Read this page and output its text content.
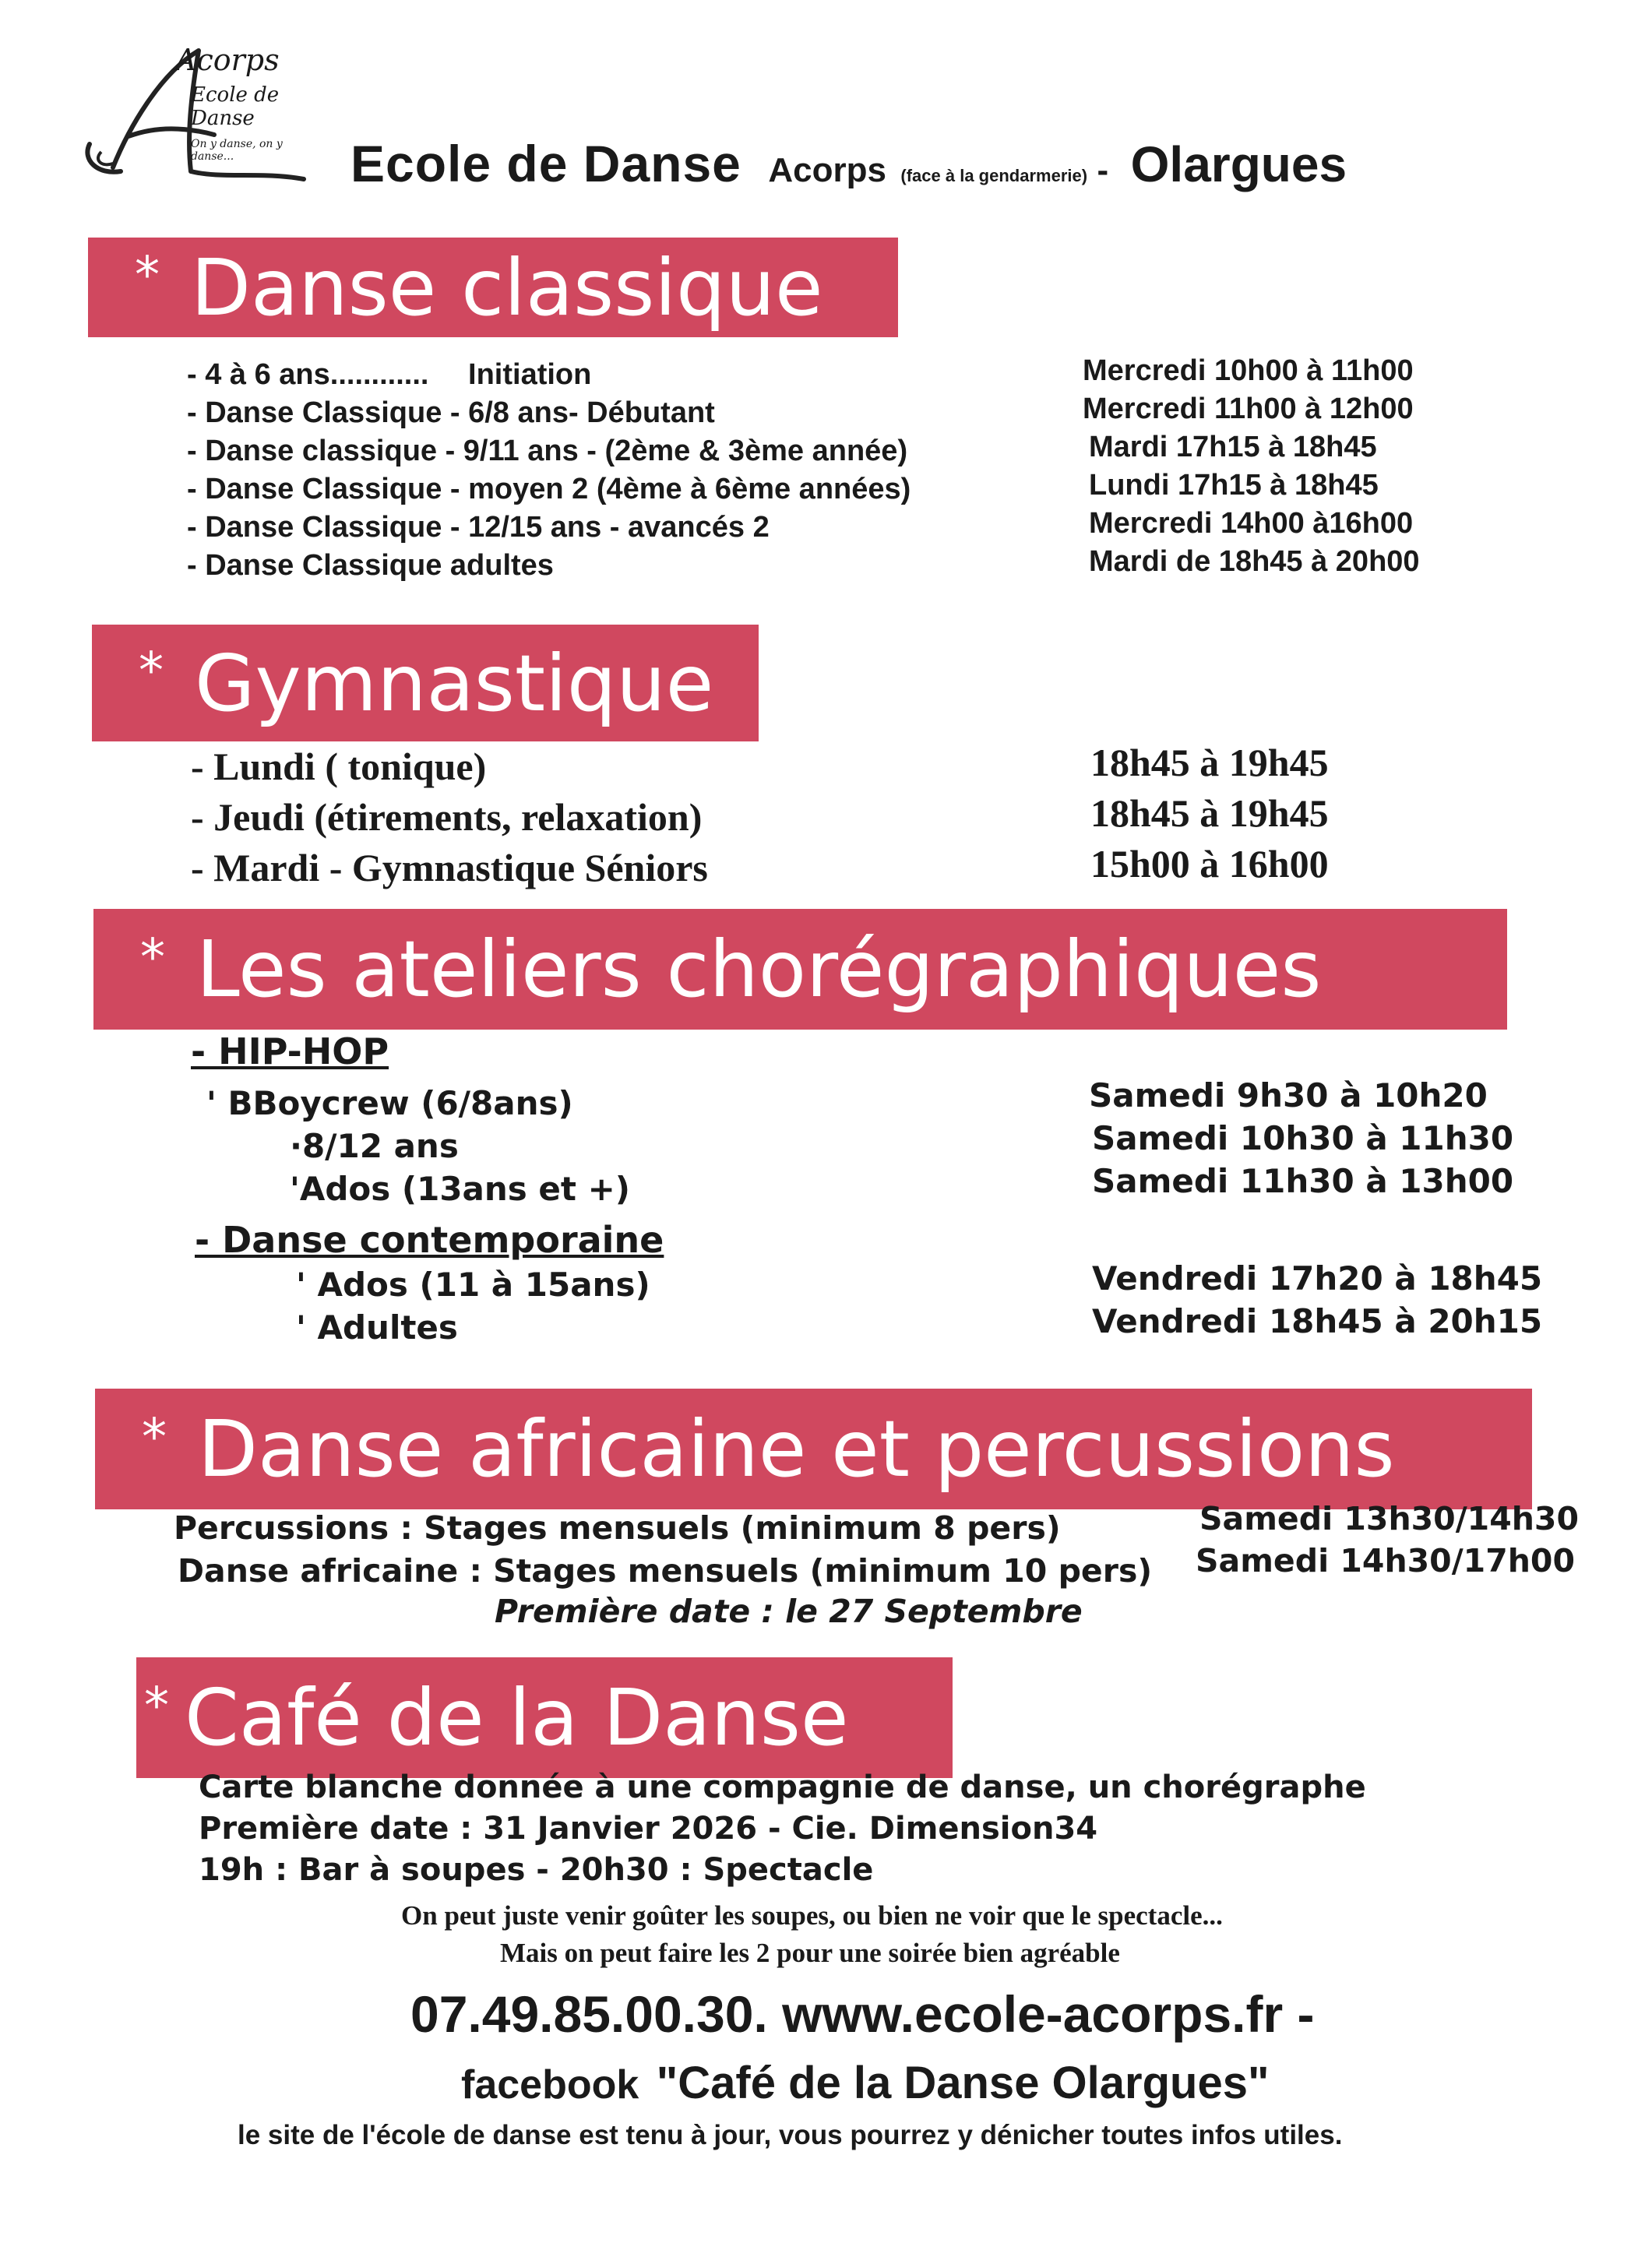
Acorps
Ecole de Danse
On y danse, on y danse...	Ecole de Danse Acorps (face à la gendarmerie) - Olargues
* Danse classique
- 4 à 6 ans............ Initiation
- Danse Classique - 6/8 ans- Débutant
- Danse classique - 9/11 ans - (2ème & 3ème année)
- Danse Classique - moyen 2 (4ème à 6ème années)
- Danse Classique - 12/15 ans - avancés 2
- Danse Classique adultes
Mercredi 10h00 à 11h00
Mercredi 11h00 à 12h00
Mardi 17h15 à 18h45
Lundi 17h15 à 18h45
Mercredi 14h00 à16h00
Mardi de 18h45 à 20h00
* Gymnastique
- Lundi ( tonique)
- Jeudi (étirements, relaxation)
- Mardi - Gymnastique Séniors
18h45 à 19h45
18h45 à 19h45
15h00 à 16h00
* Les ateliers chorégraphiques
- HIP-HOP
' BBoycrew (6/8ans)
·8/12 ans
'Ados (13ans et +)
Samedi 9h30 à 10h20
Samedi 10h30 à 11h30
Samedi 11h30 à 13h00
- Danse contemporaine
' Ados (11 à 15ans)
' Adultes
Vendredi 17h20 à 18h45
Vendredi 18h45 à 20h15
* Danse africaine et percussions
Percussions : Stages mensuels (minimum 8 pers)
Danse africaine : Stages mensuels (minimum 10 pers)
Samedi 13h30/14h30
Samedi 14h30/17h00
Première date : le 27 Septembre
* Café de la Danse
Carte blanche donnée à une compagnie de danse, un chorégraphe
Première date : 31 Janvier 2026 - Cie. Dimension34
19h : Bar à soupes - 20h30 : Spectacle
On peut juste venir goûter les soupes, ou bien ne voir que le spectacle...
Mais on peut faire les 2 pour une soirée bien agréable
07.49.85.00.30. www.ecole-acorps.fr -
facebook "Café de la Danse Olargues"
le site de l'école de danse est tenu à jour, vous pourrez y dénicher toutes infos utiles.
